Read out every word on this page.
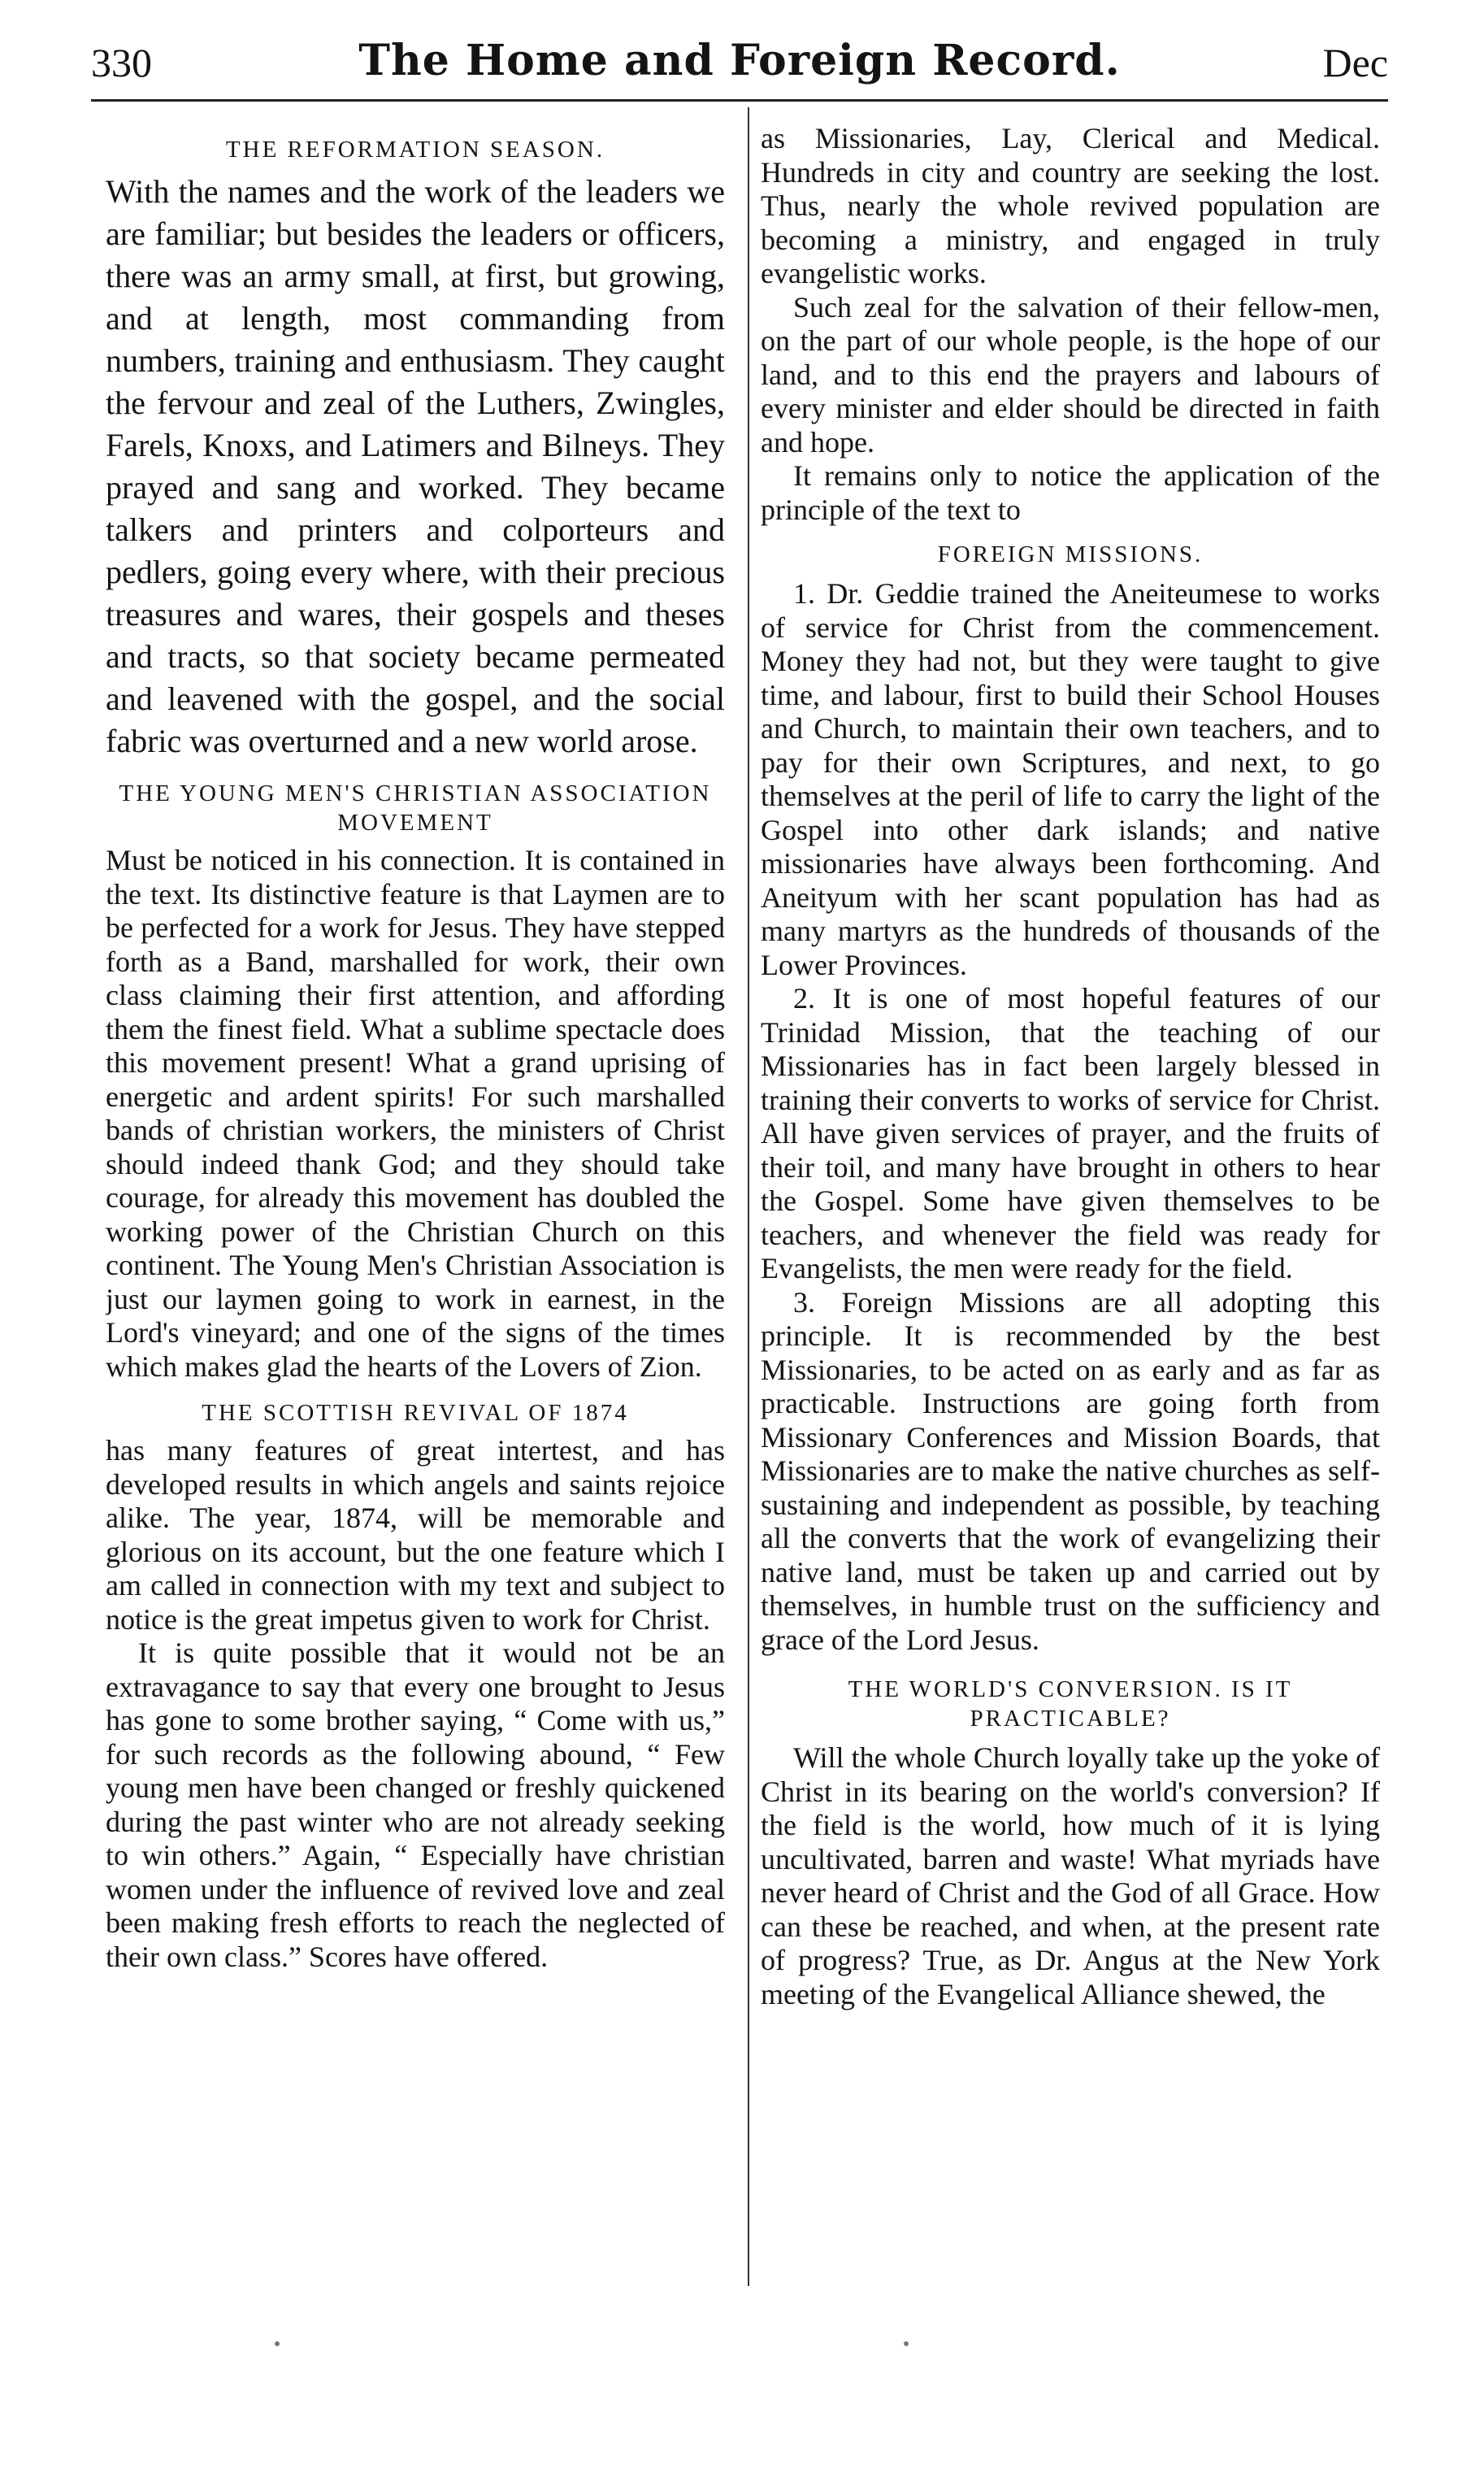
330	The Home and Foreign Record.	Dec
THE REFORMATION SEASON.

With the names and the work of the leaders we are familiar; but besides the leaders or officers, there was an army small, at first, but growing, and at length, most commanding from numbers, training and enthusiasm. They caught the fervour and zeal of the Luthers, Zwingles, Farels, Knoxs, and Latimers and Bilneys. They prayed and sang and worked. They became talkers and printers and colporteurs and pedlers, going every where, with their precious treasures and wares, their gospels and theses and tracts, so that society became permeated and leavened with the gospel, and the social fabric was overturned and a new world arose.

THE YOUNG MEN'S CHRISTIAN ASSOCIATION MOVEMENT

Must be noticed in his connection. It is contained in the text. Its distinctive feature is that Laymen are to be perfected for a work for Jesus. They have stepped forth as a Band, marshalled for work, their own class claiming their first attention, and affording them the finest field. What a sublime spectacle does this movement present! What a grand uprising of energetic and ardent spirits! For such marshalled bands of christian workers, the ministers of Christ should indeed thank God; and they should take courage, for already this movement has doubled the working power of the Christian Church on this continent. The Young Men's Christian Association is just our laymen going to work in earnest, in the Lord's vineyard; and one of the signs of the times which makes glad the hearts of the Lovers of Zion.

THE SCOTTISH REVIVAL OF 1874

has many features of great intertest, and has developed results in which angels and saints rejoice alike. The year, 1874, will be memorable and glorious on its account, but the one feature which I am called in connection with my text and subject to notice is the great impetus given to work for Christ.

It is quite possible that it would not be an extravagance to say that every one brought to Jesus has gone to some brother saying, “ Come with us,” for such records as the following abound, “ Few young men have been changed or freshly quickened during the past winter who are not already seeking to win others.” Again, “ Especially have christian women under the influence of revived love and zeal been making fresh efforts to reach the neglected of their own class.” Scores have offered.

as Missionaries, Lay, Clerical and Medical. Hundreds in city and country are seeking the lost. Thus, nearly the whole revived population are becoming a ministry, and engaged in truly evangelistic works.

Such zeal for the salvation of their fellow-men, on the part of our whole people, is the hope of our land, and to this end the prayers and labours of every minister and elder should be directed in faith and hope.

It remains only to notice the application of the principle of the text to

FOREIGN MISSIONS.

1. Dr. Geddie trained the Aneiteumese to works of service for Christ from the commencement. Money they had not, but they were taught to give time, and labour, first to build their School Houses and Church, to maintain their own teachers, and to pay for their own Scriptures, and next, to go themselves at the peril of life to carry the light of the Gospel into other dark islands; and native missionaries have always been forthcoming. And Aneityum with her scant population has had as many martyrs as the hundreds of thousands of the Lower Provinces.

2. It is one of most hopeful features of our Trinidad Mission, that the teaching of our Missionaries has in fact been largely blessed in training their converts to works of service for Christ. All have given services of prayer, and the fruits of their toil, and many have brought in others to hear the Gospel. Some have given themselves to be teachers, and whenever the field was ready for Evangelists, the men were ready for the field.

3. Foreign Missions are all adopting this principle. It is recommended by the best Missionaries, to be acted on as early and as far as practicable. Instructions are going forth from Missionary Conferences and Mission Boards, that Missionaries are to make the native churches as self-sustaining and independent as possible, by teaching all the converts that the work of evangelizing their native land, must be taken up and carried out by themselves, in humble trust on the sufficiency and grace of the Lord Jesus.

THE WORLD'S CONVERSION. IS IT PRACTICABLE?

Will the whole Church loyally take up the yoke of Christ in its bearing on the world's conversion? If the field is the world, how much of it is lying uncultivated, barren and waste! What myriads have never heard of Christ and the God of all Grace. How can these be reached, and when, at the present rate of progress? True, as Dr. Angus at the New York meeting of the Evangelical Alliance shewed, the
